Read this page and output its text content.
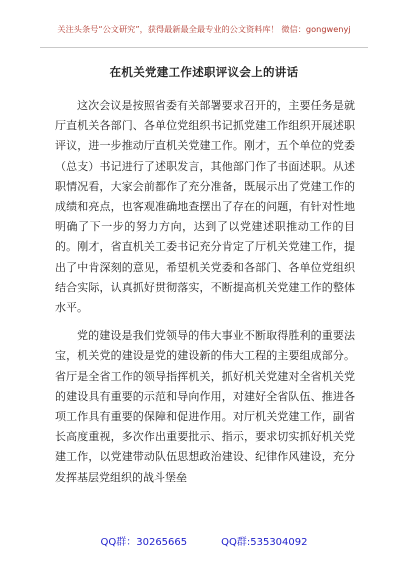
关注头条号“公文研究”，获得最新最全最专业的公文资料库！ 微信：gongwenyj
在机关党建工作述职评议会上的讲话

这次会议是按照省委有关部署要求召开的，主要任务是就厅直机关各部门、各单位党组织书记抓党建工作组织开展述职评议，进一步推动厅直机关党建工作。刚才，五个单位的党委（总支）书记进行了述职发言，其他部门作了书面述职。从述职情况看，大家会前都作了充分准备，既展示出了党建工作的成绩和亮点，也客观准确地查摆出了存在的问题，有针对性地明确了下一步的努力方向，达到了以党建述职推动工作的目的。刚才，省直机关工委书记充分肯定了厅机关党建工作，提出了中肯深刻的意见，希望机关党委和各部门、各单位党组织结合实际，认真抓好贯彻落实，不断提高机关党建工作的整体水平。

党的建设是我们党领导的伟大事业不断取得胜利的重要法宝，机关党的建设是党的建设新的伟大工程的主要组成部分。省厅是全省工作的领导指挥机关，抓好机关党建对全省机关党的建设具有重要的示范和导向作用，对建好全省队伍、推进各项工作具有重要的保障和促进作用。对厅机关党建工作，副省长高度重视，多次作出重要批示、指示，要求切实抓好机关党建工作，以党建带动队伍思想政治建设、纪律作风建设，充分发挥基层党组织的战斗堡垒

QQ群：30265665	QQ群:535304092
